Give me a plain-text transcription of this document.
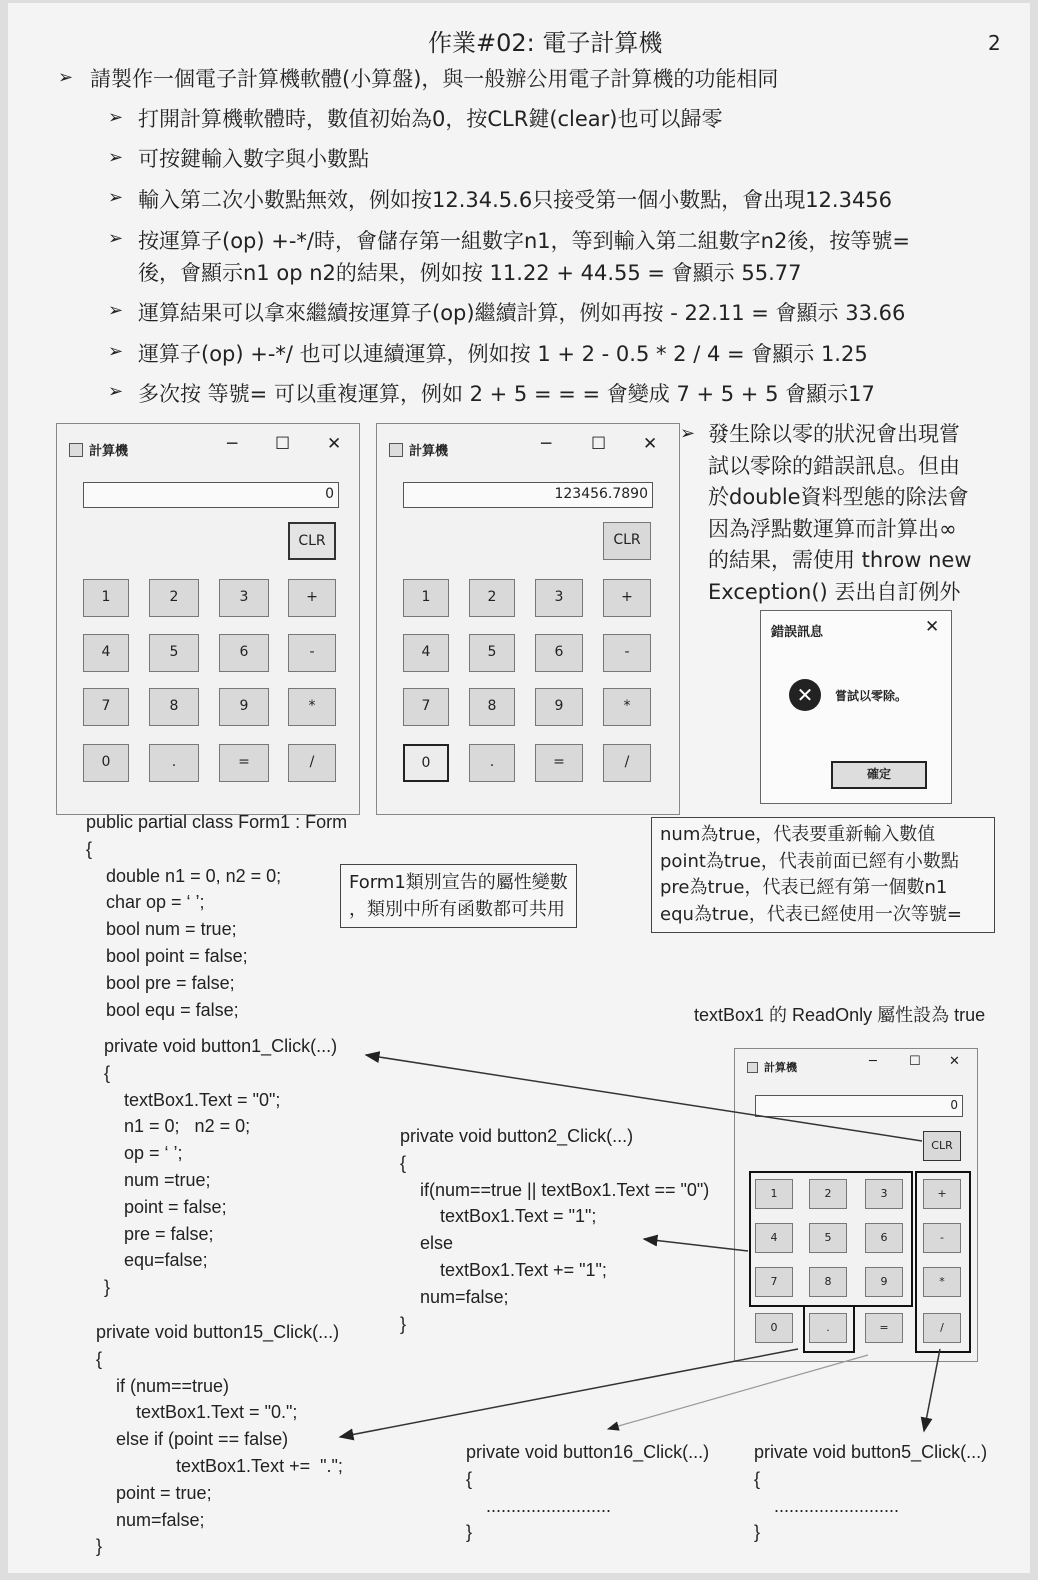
作業#02: 電子計算機	2
➢ 請製作一個電子計算機軟體(小算盤)，與一般辦公用電子計算機的功能相同
➢ 打開計算機軟體時，數值初始為0，按CLR鍵(clear)也可以歸零
➢ 可按鍵輸入數字與小數點
➢ 輸入第二次小數點無效，例如按12.34.5.6只接受第一個小數點，會出現12.3456
➢ 按運算子(op) +-*/時，會儲存第一組數字n1，等到輸入第二組數字n2後，按等號=
後，會顯示n1 op n2的結果，例如按 11.22 + 44.55 = 會顯示 55.77
➢ 運算結果可以拿來繼續按運算子(op)繼續計算，例如再按 - 22.11 = 會顯示 33.66
➢ 運算子(op) +-*/ 也可以連續運算，例如按 1 + 2 - 0.5 * 2 / 4 = 會顯示 1.25
➢ 多次按 等號= 可以重複運算，例如 2 + 5 = = = 會變成 7 + 5 + 5 會顯示17
➢ 發生除以零的狀況會出現嘗
試以零除的錯誤訊息。但由
於double資料型態的除法會
因為浮點數運算而計算出∞
的結果，需使用 throw new
Exception() 丟出自訂例外
計算機	─ ☐ ✕
0
CLR
1	2	3	+
4	5	6	-
7	8	9	*
0	.	=	/
計算機	─ ☐ ✕
123456.7890
CLR
1	2	3	+
4	5	6	-
7	8	9	*
0	.	=	/
錯誤訊息	✕
✕	嘗試以零除。
確定
public partial class Form1 : Form
{
double n1 = 0, n2 = 0;
char op = ‘ ’;
bool num = true;
bool point = false;
bool pre = false;
bool equ = false;
private void button1_Click(...)
{
textBox1.Text = "0";
n1 = 0;   n2 = 0;
op = ‘ ’;
num =true;
point = false;
pre = false;
equ=false;
}
private void button15_Click(...)
{
if (num==true)
textBox1.Text = "0.";
else if (point == false)
textBox1.Text +=  ".";
point = true;
num=false;
}
private void button2_Click(...)
{
if(num==true || textBox1.Text == "0")
textBox1.Text = "1";
else
textBox1.Text += "1";
num=false;
}
private void button16_Click(...)
{
.........................
}
private void button5_Click(...)
{
.........................
}
Form1類別宣告的屬性變數
，類別中所有函數都可共用
num為true，代表要重新輸入數值
point為true，代表前面已經有小數點
pre為true，代表已經有第一個數n1
equ為true，代表已經使用一次等號=
textBox1 的 ReadOnly 屬性設為 true
計算機	─ ☐ ✕
0
CLR
1	2	3	+
4	5	6	-
7	8	9	*
0	.	=	/
